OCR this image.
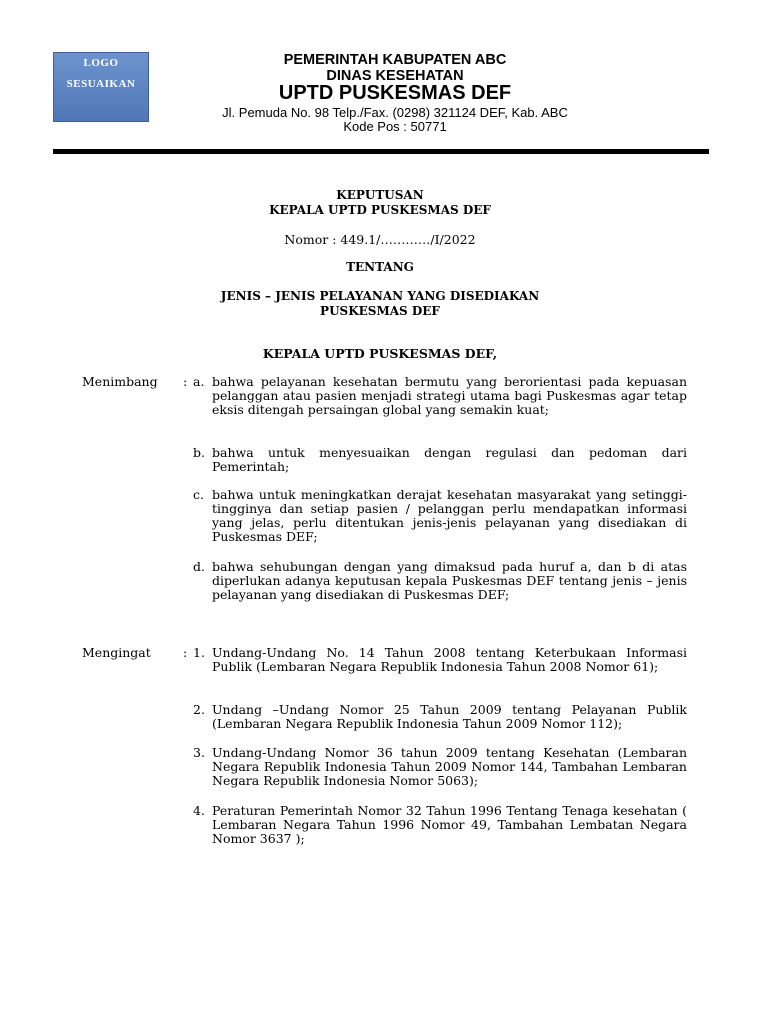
LOGO
SESUAIKAN
PEMERINTAH KABUPATEN ABC
DINAS KESEHATAN
UPTD PUSKESMAS DEF
Jl. Pemuda No. 98 Telp./Fax. (0298) 321124 DEF, Kab. ABC
Kode Pos : 50771
KEPUTUSAN
KEPALA UPTD PUSKESMAS DEF
Nomor : 449.1/…………/I/2022
TENTANG
JENIS – JENIS PELAYANAN YANG DISEDIAKAN
PUSKESMAS DEF
KEPALA UPTD PUSKESMAS DEF,
Menimbang : a. bahwa pelayanan kesehatan bermutu yang berorientasi pada kepuasan pelanggan atau pasien menjadi strategi utama bagi Puskesmas agar tetap eksis ditengah persaingan global yang semakin kuat;
b. bahwa untuk menyesuaikan dengan regulasi dan pedoman dari Pemerintah;
c. bahwa untuk meningkatkan derajat kesehatan masyarakat yang setinggi-tingginya dan setiap pasien / pelanggan perlu mendapatkan informasi yang jelas, perlu ditentukan jenis-jenis pelayanan yang disediakan di Puskesmas DEF;
d. bahwa sehubungan dengan yang dimaksud pada huruf a, dan b di atas diperlukan adanya keputusan kepala Puskesmas DEF tentang jenis – jenis pelayanan yang disediakan di Puskesmas DEF;
Mengingat	: 1. Undang-Undang No. 14 Tahun 2008 tentang Keterbukaan Informasi Publik (Lembaran Negara Republik Indonesia Tahun 2008 Nomor 61);
2. Undang –Undang Nomor 25 Tahun 2009 tentang Pelayanan Publik (Lembaran Negara Republik Indonesia Tahun 2009 Nomor 112);
3. Undang-Undang Nomor 36 tahun 2009 tentang Kesehatan (Lembaran Negara Republik Indonesia Tahun 2009 Nomor 144, Tambahan Lembaran Negara Republik Indonesia Nomor 5063);
4. Peraturan Pemerintah Nomor 32 Tahun 1996 Tentang Tenaga kesehatan ( Lembaran Negara Tahun 1996 Nomor 49, Tambahan Lembatan Negara Nomor 3637 );
